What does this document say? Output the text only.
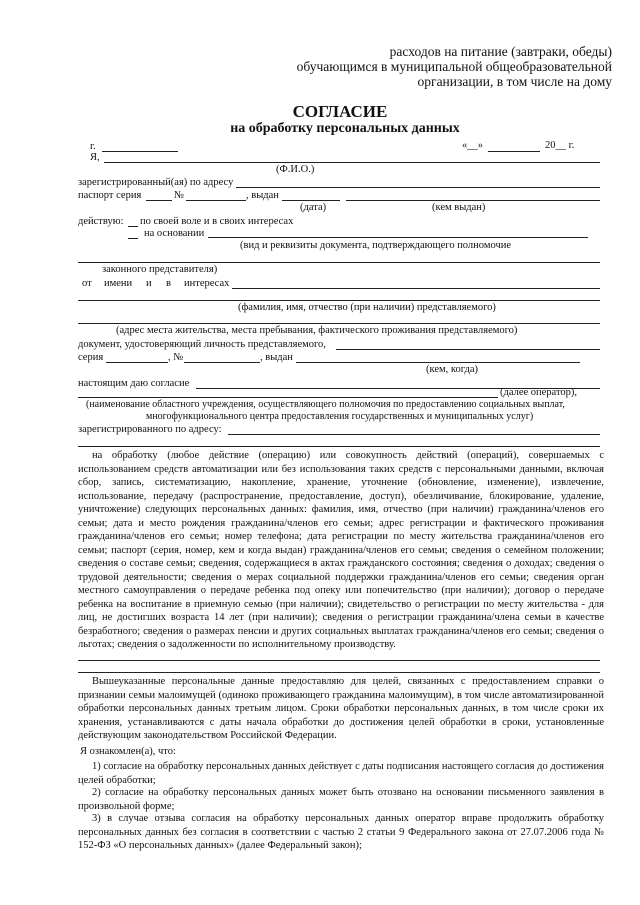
расходов на питание (завтраки, обеды)
обучающимся в муниципальной общеобразовательной
организации, в том числе на дому
СОГЛАСИЕ
на обработку персональных данных
г.	«__»	20__ г.
Я,
(Ф.И.О.)
зарегистрированный(ая) по адресу
паспорт серия	№	, выдан
(дата)	(кем выдан)
действую: по своей воле и в своих интересах
на основании
(вид и реквизиты документа, подтверждающего полномочие
законного представителя)
от имени и в интересах
(фамилия, имя, отчество (при наличии) представляемого)
(адрес места жительства, места пребывания, фактического проживания представляемого)
документ, удостоверяющий личность представляемого,
серия	, №	, выдан
(кем, когда)
настоящим даю согласие
(далее оператор),
(наименование областного учреждения, осуществляющего полномочия по предоставлению социальных выплат,
многофункционального центра предоставления государственных и муниципальных услуг)
зарегистрированного по адресу:
на обработку (любое действие (операцию) или совокупность действий (операций), совершаемых с использованием средств автоматизации или без использования таких средств с персональными данными, включая сбор, запись, систематизацию, накопление, хранение, уточнение (обновление, изменение), извлечение, использование, передачу (распространение, предоставление, доступ), обезличивание, блокирование, удаление, уничтожение) следующих персональных данных: фамилия, имя, отчество (при наличии) гражданина/членов его семьи; дата и место рождения гражданина/членов его семьи; адрес регистрации и фактического проживания гражданина/членов его семьи; номер телефона; дата регистрации по месту жительства гражданина/членов его семьи; паспорт (серия, номер, кем и когда выдан) гражданина/членов его семьи; сведения о семейном положении; сведения о составе семьи; сведения, содержащиеся в актах гражданского состояния; сведения о доходах; сведения о трудовой деятельности; сведения о мерах социальной поддержки гражданина/членов его семьи; сведения орган местного самоуправления о передаче ребенка под опеку или попечительство (при наличии); договор о передаче ребенка на воспитание в приемную семью (при наличии); свидетельство о регистрации по месту жительства - для лиц, не достигших возраста 14 лет (при наличии); сведения о регистрации гражданина/члена семьи в качестве безработного; сведения о размерах пенсии и других социальных выплатах гражданина/членов его семьи; сведения о льготах; сведения о задолженности по исполнительному производству.
Вышеуказанные персональные данные предоставляю для целей, связанных с предоставлением справки о признании семьи малоимущей (одиноко проживающего гражданина малоимущим), в том числе автоматизированной обработки персональных данных третьим лицом. Сроки обработки персональных данных, в том числе сроки их хранения, устанавливаются с даты начала обработки до достижения целей обработки в сроки, установленные действующим законодательством Российской Федерации.
Я ознакомлен(а), что:
1) согласие на обработку персональных данных действует с даты подписания настоящего согласия до достижения целей обработки;
2) согласие на обработку персональных данных может быть отозвано на основании письменного заявления в произвольной форме;
3) в случае отзыва согласия на обработку персональных данных оператор вправе продолжить обработку персональных данных без согласия в соответствии с частью 2 статьи 9 Федерального закона от 27.07.2006 года № 152-ФЗ «О персональных данных» (далее Федеральный закон);
